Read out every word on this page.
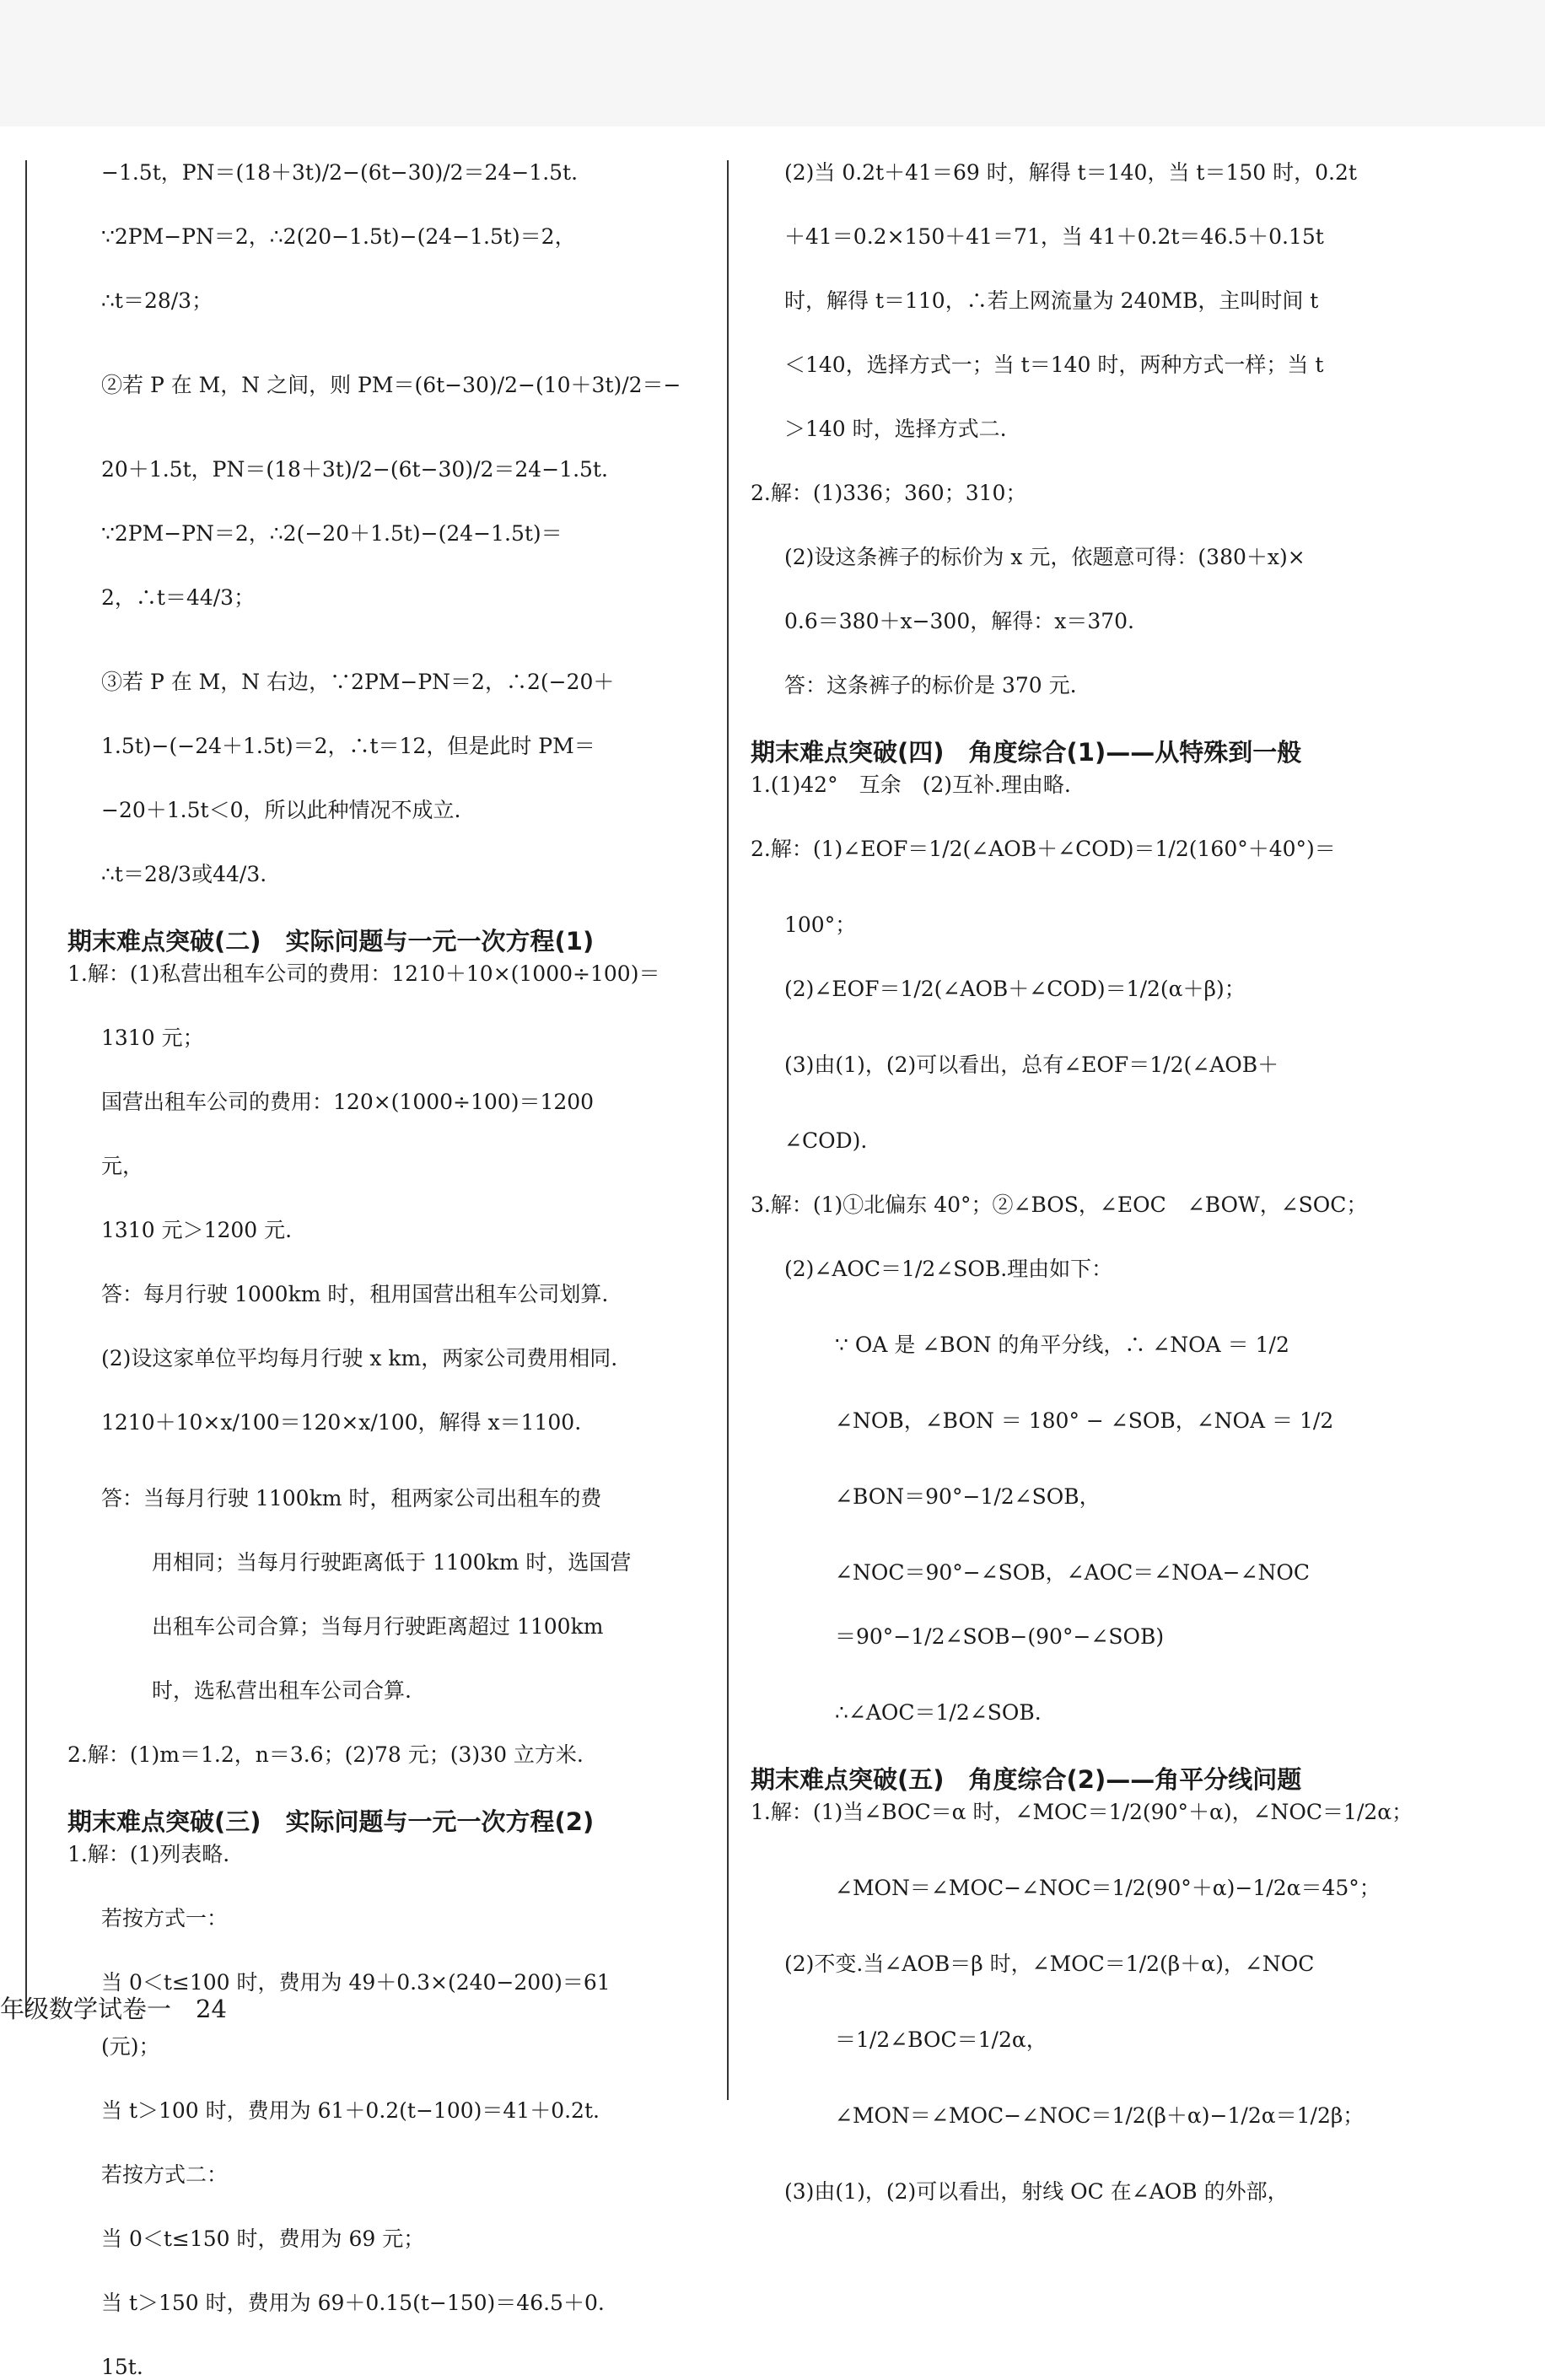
−1.5t，PN＝(18＋3t)/2−(6t−30)/2＝24−1.5t.

∵2PM−PN＝2，∴2(20−1.5t)−(24−1.5t)＝2，

∴t＝28/3；

②若 P 在 M，N 之间，则 PM＝(6t−30)/2−(10＋3t)/2＝−

20＋1.5t，PN＝(18＋3t)/2−(6t−30)/2＝24−1.5t.

∵2PM−PN＝2，∴2(−20＋1.5t)−(24−1.5t)＝

2，∴t＝44/3；

③若 P 在 M，N 右边，∵2PM−PN＝2，∴2(−20＋

1.5t)−(−24＋1.5t)＝2，∴t＝12，但是此时 PM＝

−20＋1.5t＜0，所以此种情况不成立.

∴t＝28/3或44/3.

期末难点突破(二)　实际问题与一元一次方程(1)

1.解：(1)私营出租车公司的费用：1210＋10×(1000÷100)＝

1310 元；

国营出租车公司的费用：120×(1000÷100)＝1200

元，

1310 元＞1200 元.

答：每月行驶 1000km 时，租用国营出租车公司划算.

(2)设这家单位平均每月行驶 x km，两家公司费用相同.

1210＋10×x/100＝120×x/100，解得 x＝1100.

答：当每月行驶 1100km 时，租两家公司出租车的费

用相同；当每月行驶距离低于 1100km 时，选国营

出租车公司合算；当每月行驶距离超过 1100km

时，选私营出租车公司合算.

2.解：(1)m＝1.2，n＝3.6；(2)78 元；(3)30 立方米.

期末难点突破(三)　实际问题与一元一次方程(2)

1.解：(1)列表略.

若按方式一：

当 0＜t≤100 时，费用为 49＋0.3×(240−200)＝61

(元)；

当 t＞100 时，费用为 61＋0.2(t−100)＝41＋0.2t.

若按方式二：

当 0＜t≤150 时，费用为 69 元；

当 t＞150 时，费用为 69＋0.15(t−150)＝46.5＋0.

15t.

(2)当 0.2t＋41＝69 时，解得 t＝140，当 t＝150 时，0.2t

＋41＝0.2×150＋41＝71，当 41＋0.2t＝46.5＋0.15t

时，解得 t＝110，∴若上网流量为 240MB，主叫时间 t

＜140，选择方式一；当 t＝140 时，两种方式一样；当 t

＞140 时，选择方式二.

2.解：(1)336；360；310；

(2)设这条裤子的标价为 x 元，依题意可得：(380＋x)×

0.6＝380＋x−300，解得：x＝370.

答：这条裤子的标价是 370 元.

期末难点突破(四)　角度综合(1)——从特殊到一般

1.(1)42°　互余　(2)互补.理由略.

2.解：(1)∠EOF＝1/2(∠AOB＋∠COD)＝1/2(160°＋40°)＝

100°；

(2)∠EOF＝1/2(∠AOB＋∠COD)＝1/2(α＋β)；

(3)由(1)，(2)可以看出，总有∠EOF＝1/2(∠AOB＋

∠COD).

3.解：(1)①北偏东 40°；②∠BOS，∠EOC　∠BOW，∠SOC；

(2)∠AOC＝1/2∠SOB.理由如下：

∵ OA 是 ∠BON 的角平分线，∴ ∠NOA ＝ 1/2

∠NOB，∠BON ＝ 180° − ∠SOB，∠NOA ＝ 1/2

∠BON＝90°−1/2∠SOB，

∠NOC＝90°−∠SOB，∠AOC＝∠NOA−∠NOC

＝90°−1/2∠SOB−(90°−∠SOB)

∴∠AOC＝1/2∠SOB.

期末难点突破(五)　角度综合(2)——角平分线问题

1.解：(1)当∠BOC＝α 时，∠MOC＝1/2(90°＋α)，∠NOC＝1/2α；

∠MON＝∠MOC−∠NOC＝1/2(90°＋α)−1/2α＝45°；

(2)不变.当∠AOB＝β 时，∠MOC＝1/2(β＋α)，∠NOC

＝1/2∠BOC＝1/2α，

∠MON＝∠MOC−∠NOC＝1/2(β＋α)−1/2α＝1/2β；

(3)由(1)，(2)可以看出，射线 OC 在∠AOB 的外部，

年级数学试卷一　24
